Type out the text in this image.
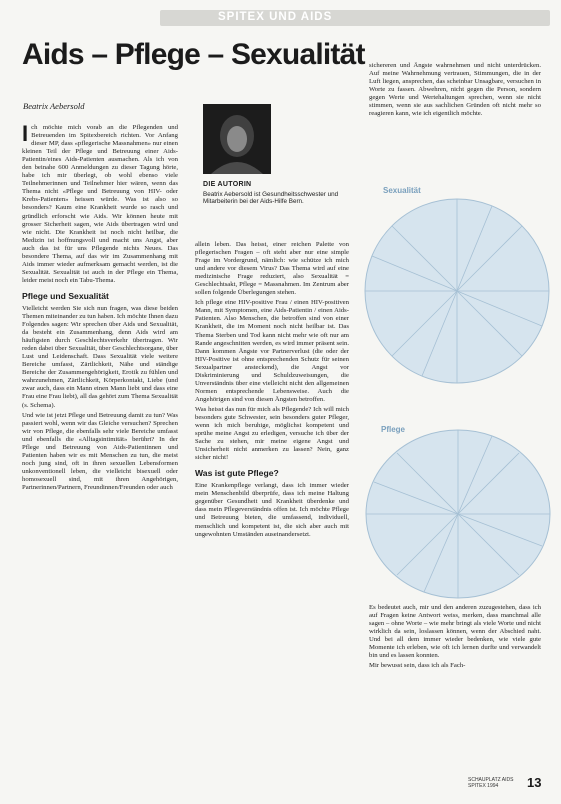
SPITEX UND AIDS
Aids – Pflege – Sexualität
Beatrix Aebersold

Ich möchte mich vorab an die Pflegenden und Betreuenden im Spitexbereich richten. Vor Anfang dieser MP, dass «pflegerische Massnahmen» nur einen kleinen Teil der Pflege und Betreuung einer Aids-Patientin/eines Aids-Patienten ausmachen. Als ich von den beinahe 600 Anmeldungen zu dieser Tagung hörte, habe ich mir überlegt, ob wohl ebenso viele Teilnehmerinnen und Teilnehmer hier wären, wenn das Thema nicht «Pflege und Betreuung von HIV- oder Krebs-Patienten» heissen würde. Was ist also so besonders? Kaum eine Krankheit wurde so rasch und gründlich erforscht wie Aids. Wir können heute mit grosser Sicherheit sagen, wie Aids übertragen wird und wie nicht. Die Krankheit ist noch nicht heilbar, die Medizin ist hoffnungsvoll und macht uns Angst, aber auch das ist für uns Pflegende nichts Neues. Das besondere Thema, auf das wir im Zusammenhang mit Aids immer wieder aufmerksam gemacht werden, ist die Sexualität. Sexualität ist auch in der Pflege ein Thema, leider meist noch ein Tabu-Thema.

Pflege und Sexualität

Vielleicht werden Sie sich nun fragen, was diese beiden Themen miteinander zu tun haben. Ich möchte Ihnen dazu Folgendes sagen: Wir sprechen über Aids und Sexualität, da besteht ein Zusammenhang, denn Aids wird am häufigsten durch Geschlechtsverkehr übertragen. Wir reden dabei über Sexualität, über Geschlechtsorgane, über Lust und Leidenschaft. Dass Sexualität viele weitere Bereiche umfasst, Zärtlichkeit, Nähe und ständige Bereiche der Zusammengehörigkeit, Erotik zu fühlen und wahrzunehmen, Zärtlichkeit, Körperkontakt, Liebe (und zwar auch, dass ein Mann einen Mann liebt und dass eine Frau eine Frau liebt), all das gehört zum Thema Sexualität (s. Schema).

Und wie ist jetzt Pflege und Betreuung damit zu tun? Was passiert wohl, wenn wir das Gleiche versuchen? Sprechen wir von Pflege, die ebenfalls sehr viele Bereiche umfasst und ebenfalls die «Alltagsintimität» berührt? In der Pflege und Betreuung von Aids-Patientinnen und Patienten haben wir es mit Menschen zu tun, die meist noch jung sind, oft in ihren sexuellen Lebensformen unkonventionell leben, die vielleicht bisexuell oder homosexuell sind, mit ihren Angehörigen, Partnerinnen/Partnern, Freundinnen/Freunden oder auch

DIE AUTORIN
Beatrix Aebersold ist Gesundheitsschwester und Mitarbeiterin bei der Aids-Hilfe Bern.

allein leben. Das heisst, einer reichen Palette von pflegerischen Fragen – oft steht aber nur eine simple Frage im Vordergrund, nämlich: wie schütze ich mich und andere vor diesem Virus? Das Thema wird auf eine medizinische Frage reduziert, also Sexualität = Geschlechtsakt, Pflege = Massnahmen. Im Zentrum aber sollen folgende Überlegungen stehen.

Ich pflege eine HIV-positive Frau / einen HIV-positiven Mann, mit Symptomen, eine Aids-Patientin / einen Aids-Patienten. Also Menschen, die betroffen sind von einer Krankheit, die im Moment noch nicht heilbar ist. Das Thema Sterben und Tod kann nicht mehr wie oft nur am Rande angeschnitten werden, es wird immer präsent sein. Dann kommen Ängste vor Partnerverlust (die oder der HIV-Positive ist ohne entsprechenden Schutz für seinen Sexualpartner ansteckend), die Angst vor Diskriminierung und Schuldzuweisungen, die Unverständnis über eine vielleicht nicht den allgemeinen Normen entsprechende Lebensweise. Auch die Angehörigen sind von diesen Ängsten betroffen.

Was heisst das nun für mich als Pflegende? Ich will mich besonders gute Schwester, sein besonders guter Pfleger, wenn ich mich beruhige, möglichst kompetent und sprühe meine Angst zu erledigen, versuche ich über der Sache zu stehen, mir meine eigene Angst und Unsicherheit nicht anmerken zu lassen? Nein, ganz sicher nicht!

Was ist gute Pflege?

Eine Krankenpflege verlangt, dass ich immer wieder mein Menschenbild überprüfe, dass ich meine Haltung gegenüber Gesundheit und Krankheit überdenke und dass mein Pflegeverständnis offen ist. Ich möchte Pflege und Betreuung bieten, die umfassend, individuell, menschlich und kompetent ist, die sich aber auch mit ungewohnten Umständen auseinandersetzt.

sichereren und Ängste wahrnehmen und nicht unterdrücken. Auf meine Wahrnehmung vertrauen, Stimmungen, die in der Luft liegen, ansprechen, das scheinbar Unsagbare, versuchen in Worte zu fassen. Abwehren, nicht gegen die Person, sondern gegen Werte und Wertehaltungen sprechen, wenn sie nicht stimmen, wenn sie aus sachlichen Gründen oft nicht mehr so reagieren kann, wie ich eigentlich möchte.

Sexualität
Pflege

Es bedeutet auch, mir und den anderen zuzugestehen, dass ich auf Fragen keine Antwort weiss, merken, dass manchmal alle sagen – ohne Worte – wie mehr bringt als viele Worte und nicht wirklich da sein, loslassen können, wenn der Abschied naht. Und bei all dem immer wieder bedenken, wie viele gute Momente ich erleben, wie oft ich lernen durfte und verwandelt bin und es lassen konnten.

Mir bewusst sein, dass ich als Fach-

SCHAUPLATZ AIDS
SPITEX 1994	13
